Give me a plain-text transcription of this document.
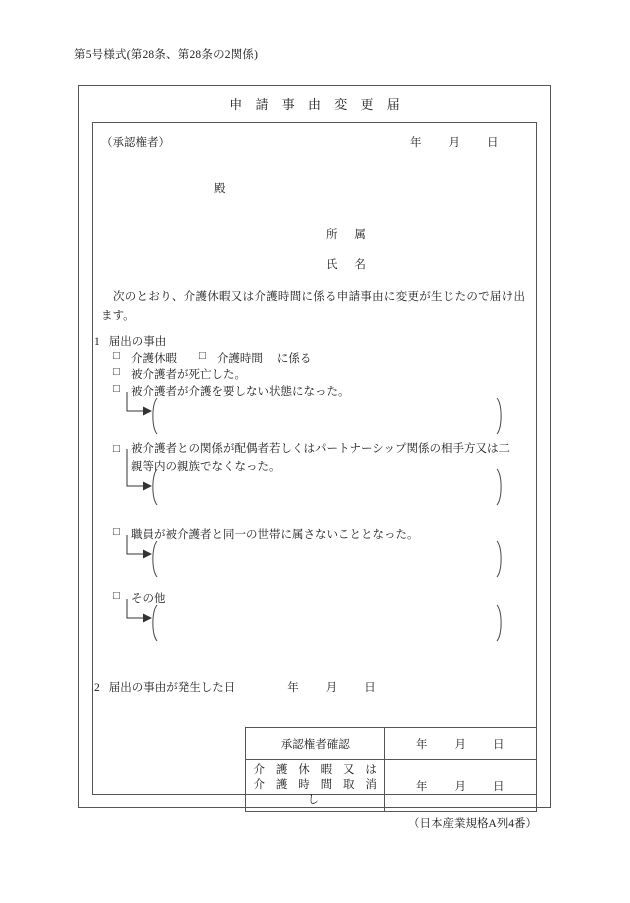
第5号様式(第28条、第28条の2関係)
申 請 事 由 変 更 届
（承認権者）	年 月 日
殿
所 属
氏 名
次のとおり、介護休暇又は介護時間に係る申請事由に変更が生じたので届け出ます。
1 届出の事由
□ 介護休暇 □ 介護時間 に係る
□ 被介護者が死亡した。
□ 被介護者が介護を要しない状態になった。
□ 被介護者との関係が配偶者若しくはパートナーシップ関係の相手方又は二親等内の親族でなくなった。
□ 職員が被介護者と同一の世帯に属さないこととなった。
□ その他
2 届出の事由が発生した日	年 月 日
承認権者確認	年 月 日

介 護 休 暇 又 は
介 護 時 間 取 消 し	年 月 日
（日本産業規格A列4番）
